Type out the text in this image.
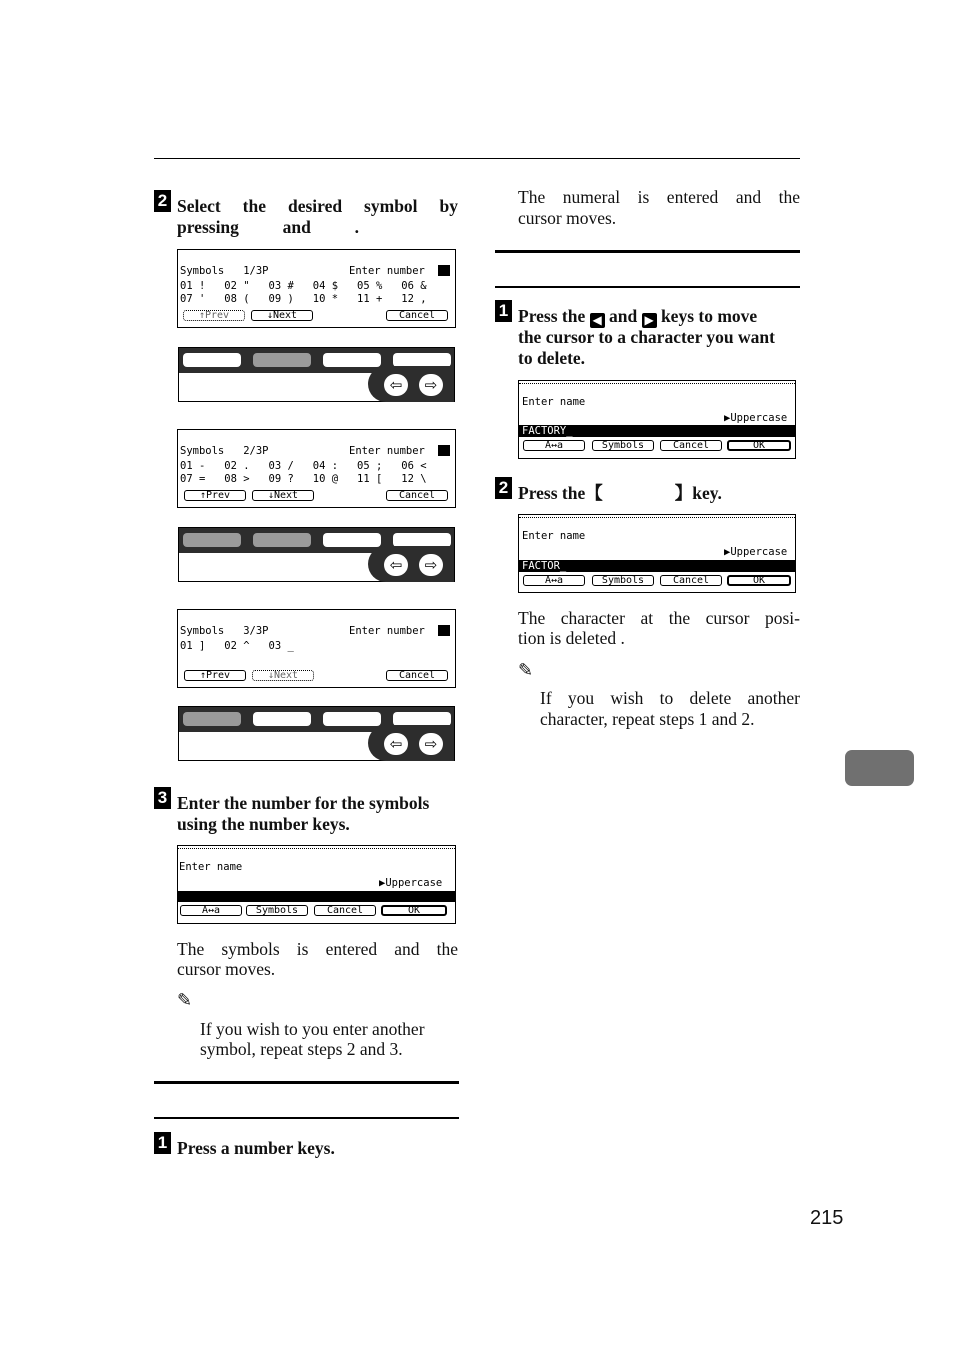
2 Select the desired symbol by
pressing          and          .
Symbols   1/3P	Enter number
01 !   02 "   03 #   04 $   05 %   06 &
07 '   08 (   09 )   10 *   11 +   12 ,
↑Prev	↓Next	Cancel
⇦	⇨
Symbols   2/3P	Enter number
01 -   02 .   03 /   04 :   05 ;   06 <
07 =   08 >   09 ?   10 @   11 [   12 \
↑Prev	↓Next	Cancel
⇦	⇨
Symbols   3/3P	Enter number
01 ]   02 ^   03 _
↑Prev	↓Next	Cancel
⇦	⇨
3 Enter the number for the symbols
using the number keys.
Enter name
▶Uppercase
A↔a	Symbols	Cancel	OK
The symbols is entered and the
cursor moves.
✎
If you wish to you enter another
symbol, repeat steps 2 and 3.
1 Press a number keys.
The numeral is entered and the
cursor moves.
1 Press the ◀ and ▶ keys to move
the cursor to a character you want
to delete.
Enter name
▶Uppercase
FACTORY_
A↔a	Symbols	Cancel	OK
2 Press the【	】key.
Enter name
▶Uppercase
FACTOR_
A↔a	Symbols	Cancel	OK
The character at the cursor posi-
tion is deleted .
✎
If you wish to delete another
character, repeat steps 1 and 2.
215
